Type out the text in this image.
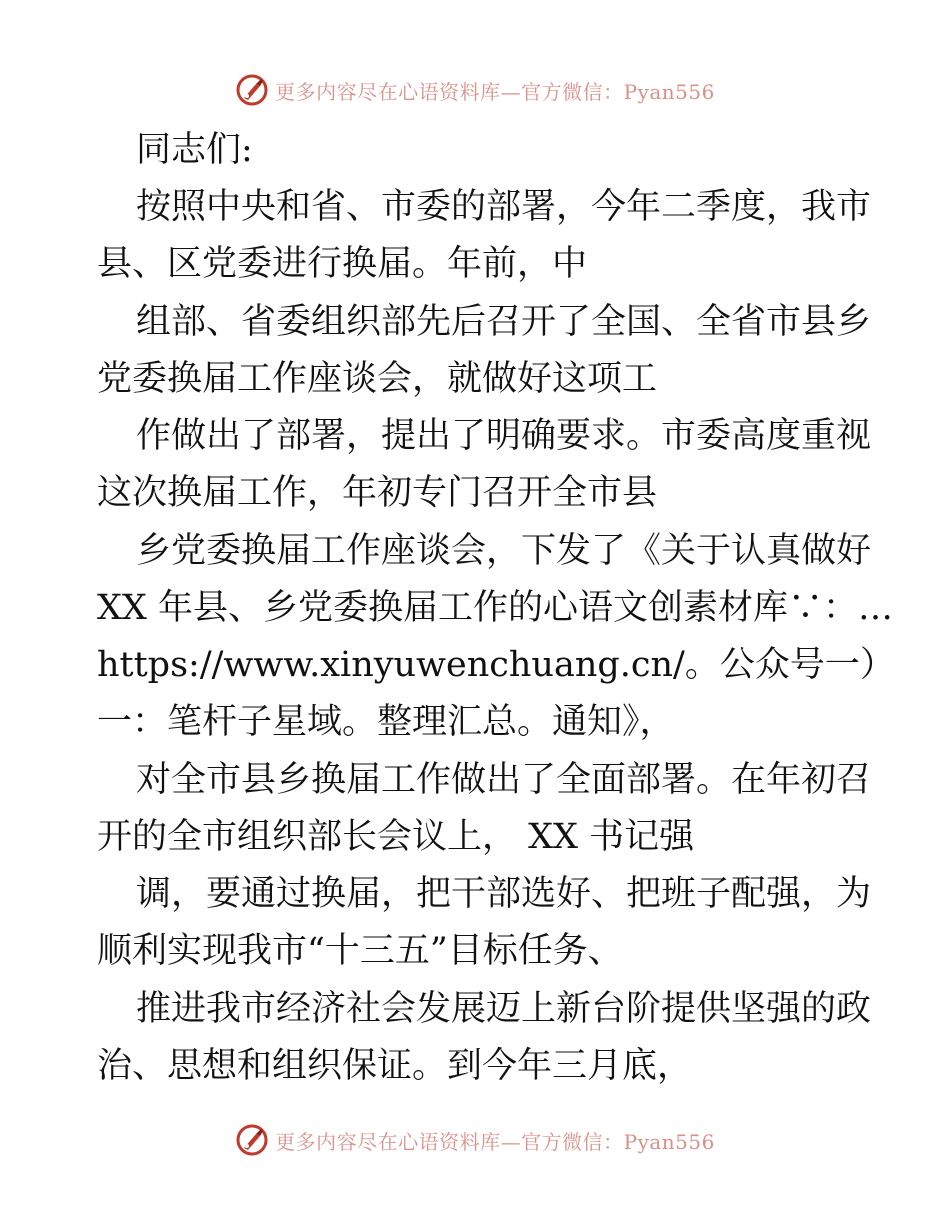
更多内容尽在心语资料库—官方微信：Pyan556
同志们:
按照中央和省、市委的部署，今年二季度，我市
县、区党委进行换届。年前，中
组部、省委组织部先后召开了全国、全省市县乡
党委换届工作座谈会，就做好这项工
作做出了部署，提出了明确要求。市委高度重视
这次换届工作，年初专门召开全市县
乡党委换届工作座谈会，下发了《关于认真做好
XX 年县、乡党委换届工作的心语文创素材库∵：…
https://www.xinyuwenchuang.cn/。公众号一）
一：笔杆子星域。整理汇总。通知》，
对全市县乡换届工作做出了全面部署。在年初召
开的全市组织部长会议上， XX 书记强
调，要通过换届，把干部选好、把班子配强，为
顺利实现我市“十三五”目标任务、
推进我市经济社会发展迈上新台阶提供坚强的政
治、思想和组织保证。到今年三月底，
更多内容尽在心语资料库—官方微信：Pyan556
